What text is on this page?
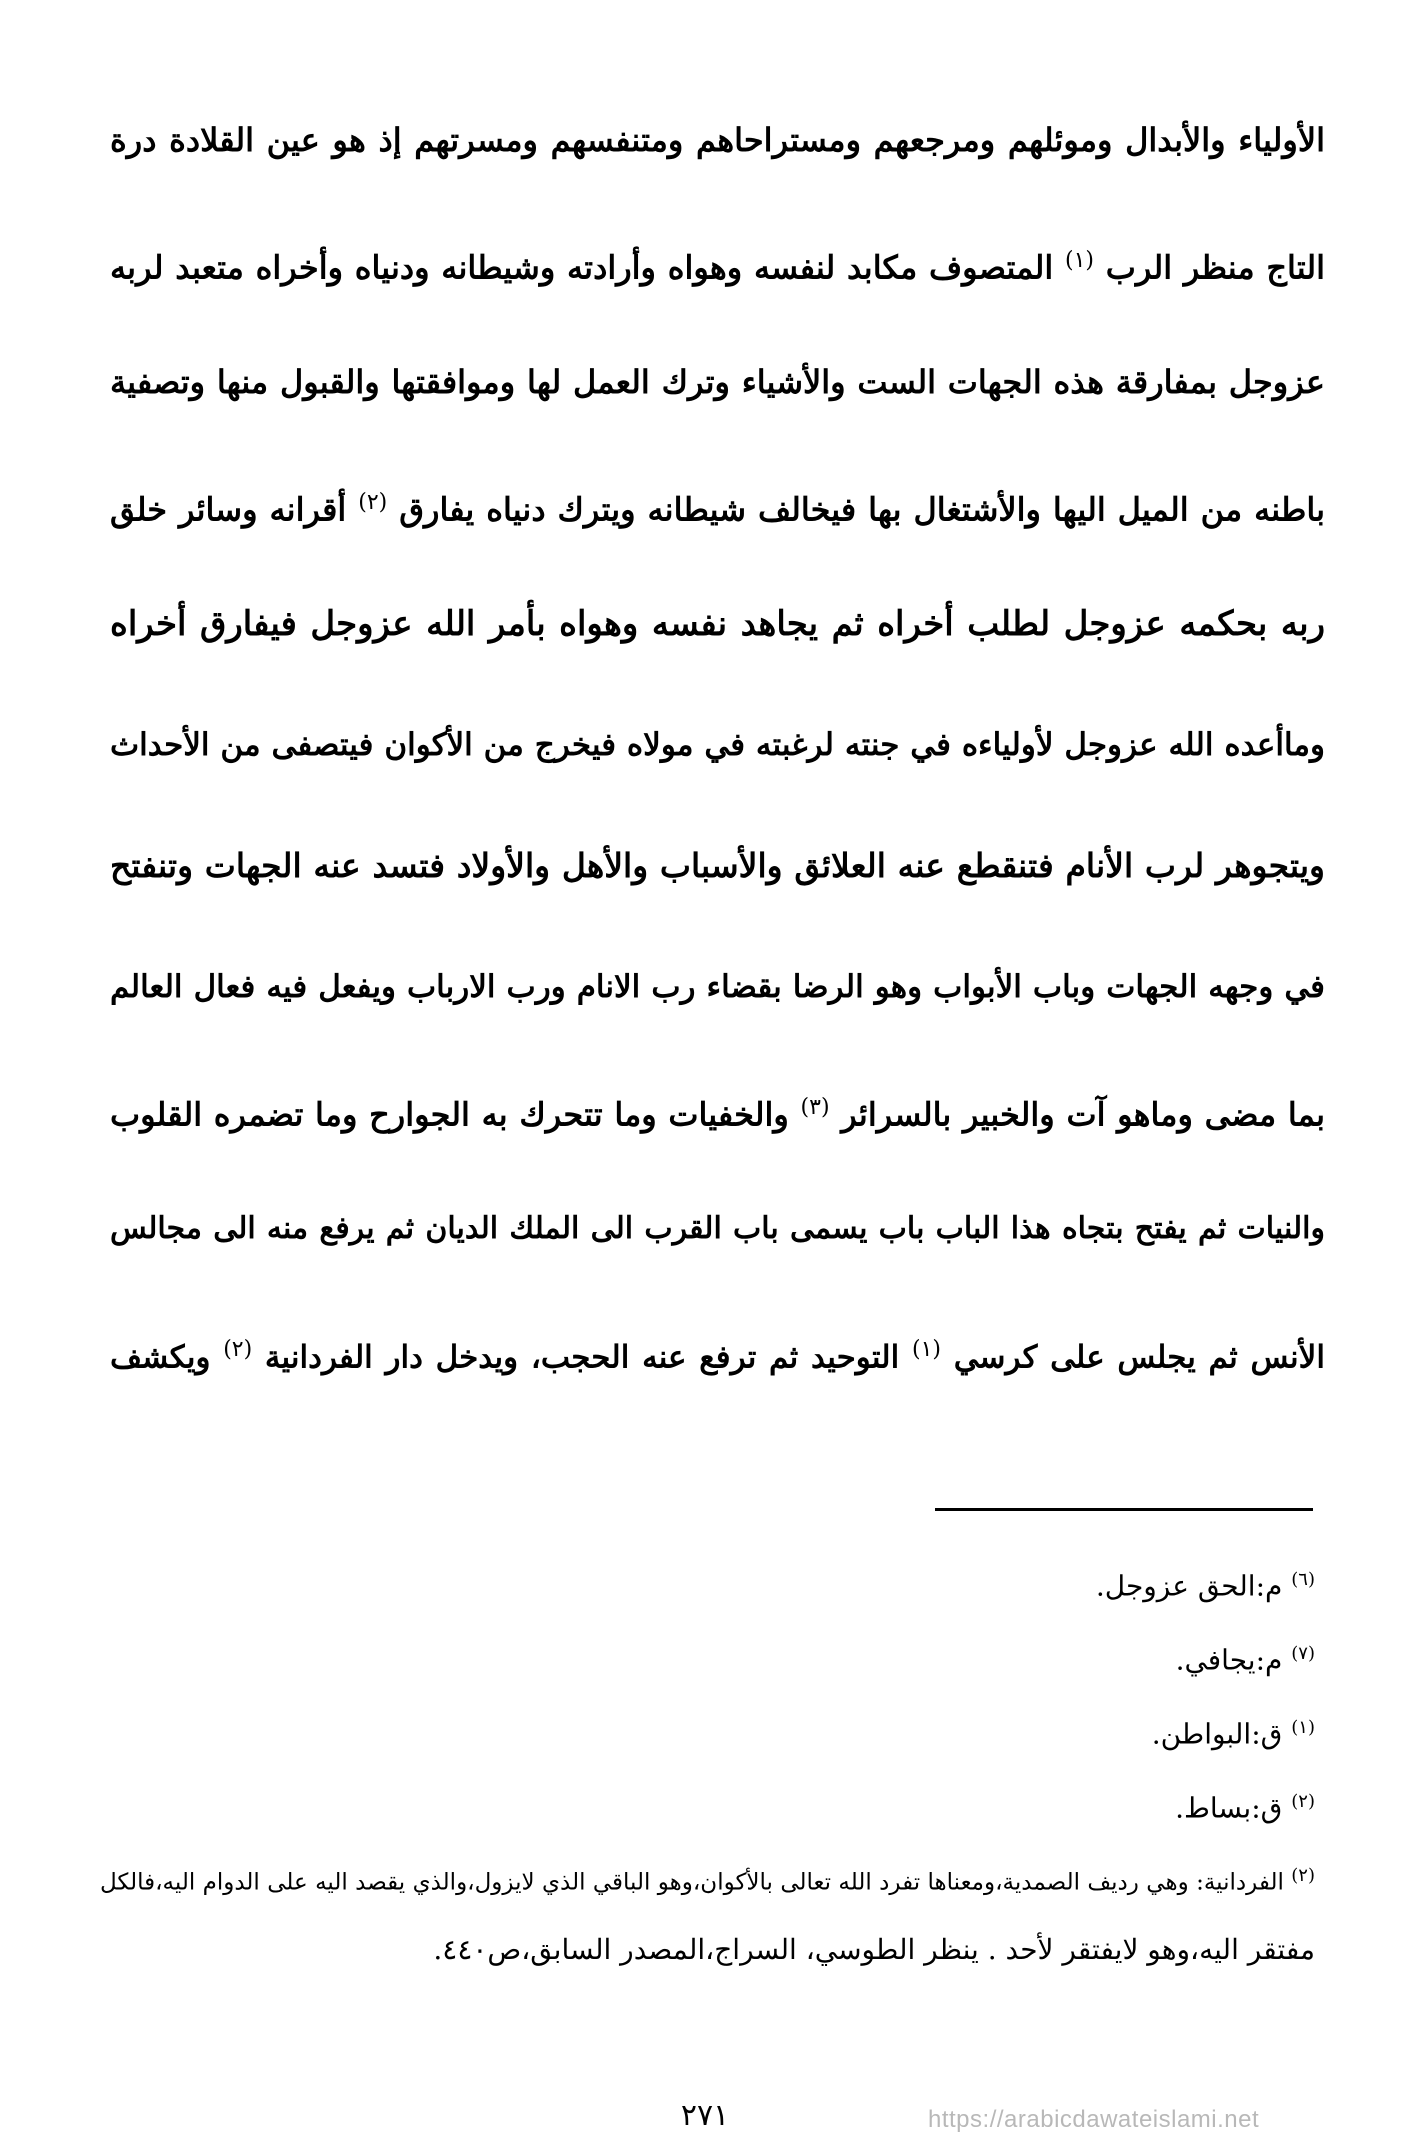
الأولياء والأبدال وموئلهم ومرجعهم ومستراحاهم ومتنفسهم ومسرتهم إذ هو عين القلادة درة
التاج منظر الرب $^{(١)}$ المتصوف مكابد لنفسه وهواه وأرادته وشيطانه ودنياه وأخراه متعبد لربه
عزوجل بمفارقة هذه الجهات الست والأشياء وترك العمل لها وموافقتها والقبول منها وتصفية
باطنه من الميل اليها والأشتغال بها فيخالف شيطانه ويترك دنياه يفارق $^{(٢)}$ أقرانه وسائر خلق
ربه بحكمه عزوجل لطلب أخراه ثم يجاهد نفسه وهواه بأمر الله عزوجل فيفارق أخراه
وماأعده الله عزوجل لأولياءه في جنته لرغبته في مولاه فيخرج من الأكوان فيتصفى من الأحداث
ويتجوهر لرب الأنام فتنقطع عنه العلائق والأسباب والأهل والأولاد فتسد عنه الجهات وتنفتح
في وجهه الجهات وباب الأبواب وهو الرضا بقضاء رب الانام ورب الارباب ويفعل فيه فعال العالم
بما مضى وماهو آت والخبير بالسرائر $^{(٣)}$ والخفيات وما تتحرك به الجوارح وما تضمره القلوب
والنيات ثم يفتح بتجاه هذا الباب باب يسمى باب القرب الى الملك الديان ثم يرفع منه الى مجالس
الأنس ثم يجلس على كرسي $^{(١)}$ التوحيد ثم ترفع عنه الحجب، ويدخل دار الفردانية $^{(٢)}$ ويكشف
$^{(٦)}$ م:الحق عزوجل.
$^{(٧)}$ م:يجافي.
$^{(١)}$ ق:البواطن.
$^{(٢)}$ ق:بساط.
$^{(٢)}$ الفردانية: وهي رديف الصمدية،ومعناها تفرد الله تعالى بالأكوان،وهو الباقي الذي لايزول،والذي يقصد اليه على الدوام اليه،فالكل
مفتقر اليه،وهو لايفتقر لأحد . ينظر الطوسي، السراج،المصدر السابق،ص٤٤٠.
٢٧١	https://arabicdawateislami.net
